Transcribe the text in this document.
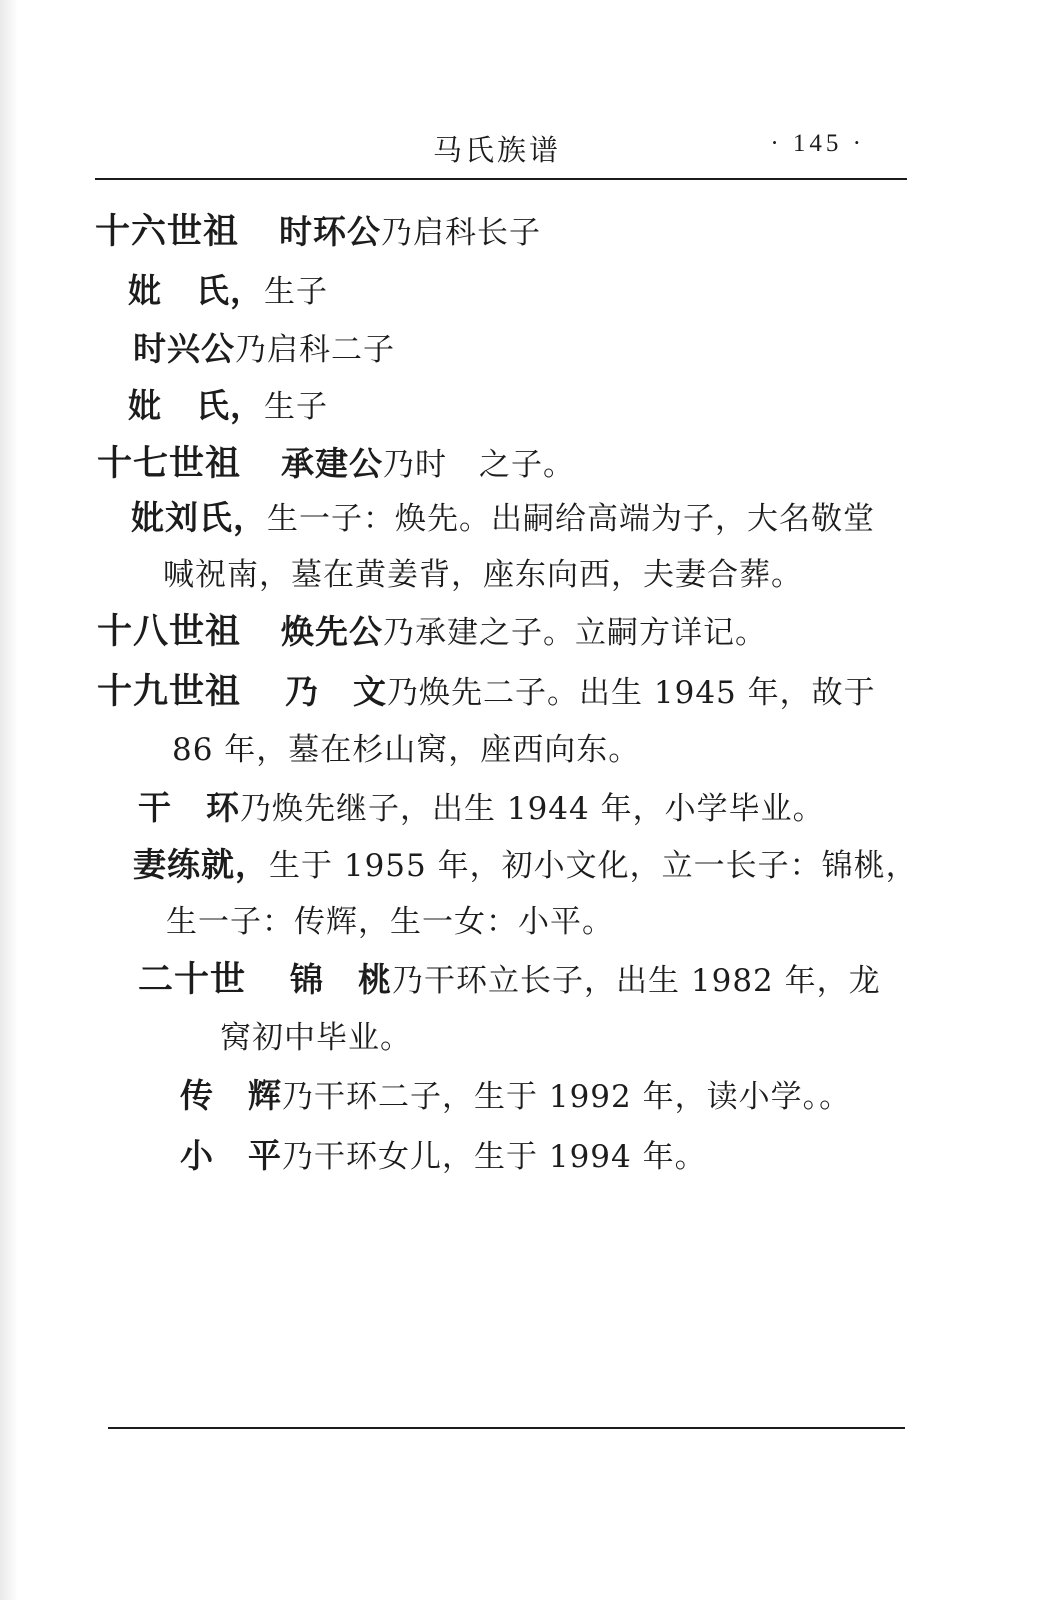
马氏族谱	· 145 ·
十六世祖 时环公乃启科长子
妣　氏，生子
时兴公乃启科二子
妣　氏，生子
十七世祖 承建公乃时　之子。
妣刘氏，生一子：焕先。出嗣给高端为子，大名敬堂
喊祝南，墓在黄姜背，座东向西，夫妻合葬。
十八世祖 焕先公乃承建之子。立嗣方详记。
十九世祖 乃　文乃焕先二子。出生 1945 年，故于
86 年，墓在杉山窝，座西向东。
干　环乃焕先继子，出生 1944 年，小学毕业。
妻练就，生于 1955 年，初小文化，立一长子：锦桃，
生一子：传辉，生一女：小平。
二十世 锦　桃乃干环立长子，出生 1982 年，龙
窝初中毕业。
传　辉乃干环二子，生于 1992 年，读小学。。
小　平乃干环女儿，生于 1994 年。
